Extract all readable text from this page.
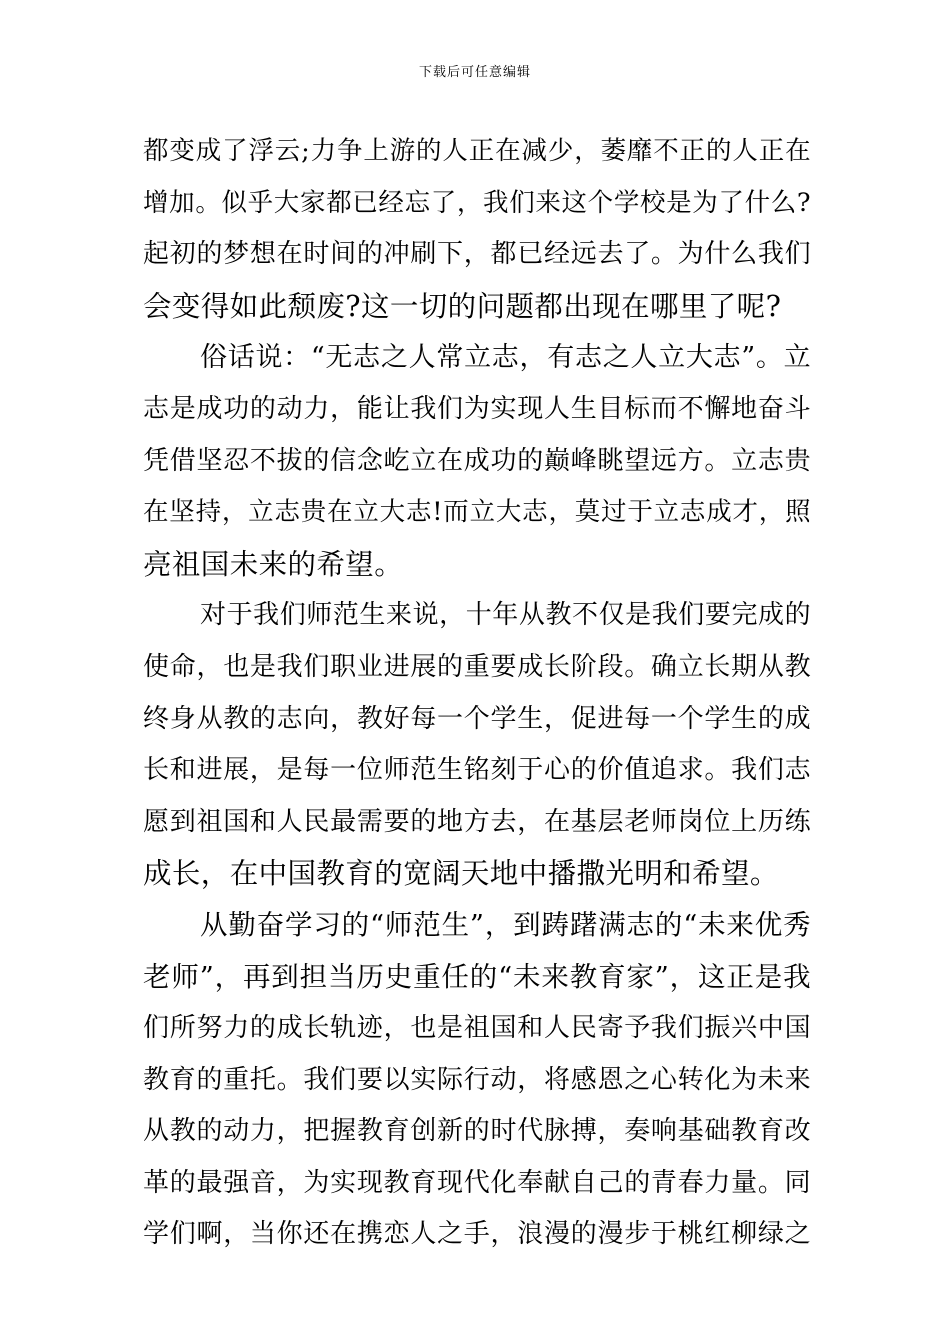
下载后可任意编辑
都变成了浮云;力争上游的人正在减少，萎靡不正的人正在
增加。似乎大家都已经忘了，我们来这个学校是为了什么?
起初的梦想在时间的冲刷下，都已经远去了。为什么我们
会变得如此颓废?这一切的问题都出现在哪里了呢?
俗话说：“无志之人常立志，有志之人立大志”。立
志是成功的动力，能让我们为实现人生目标而不懈地奋斗
凭借坚忍不拔的信念屹立在成功的巅峰眺望远方。立志贵
在坚持，立志贵在立大志!而立大志，莫过于立志成才，照
亮祖国未来的希望。
对于我们师范生来说，十年从教不仅是我们要完成的
使命，也是我们职业进展的重要成长阶段。确立长期从教
终身从教的志向，教好每一个学生，促进每一个学生的成
长和进展，是每一位师范生铭刻于心的价值追求。我们志
愿到祖国和人民最需要的地方去，在基层老师岗位上历练
成长，在中国教育的宽阔天地中播撒光明和希望。
从勤奋学习的“师范生”，到踌躇满志的“未来优秀
老师”，再到担当历史重任的“未来教育家”，这正是我
们所努力的成长轨迹，也是祖国和人民寄予我们振兴中国
教育的重托。我们要以实际行动，将感恩之心转化为未来
从教的动力，把握教育创新的时代脉搏，奏响基础教育改
革的最强音，为实现教育现代化奉献自己的青春力量。同
学们啊，当你还在携恋人之手，浪漫的漫步于桃红柳绿之
